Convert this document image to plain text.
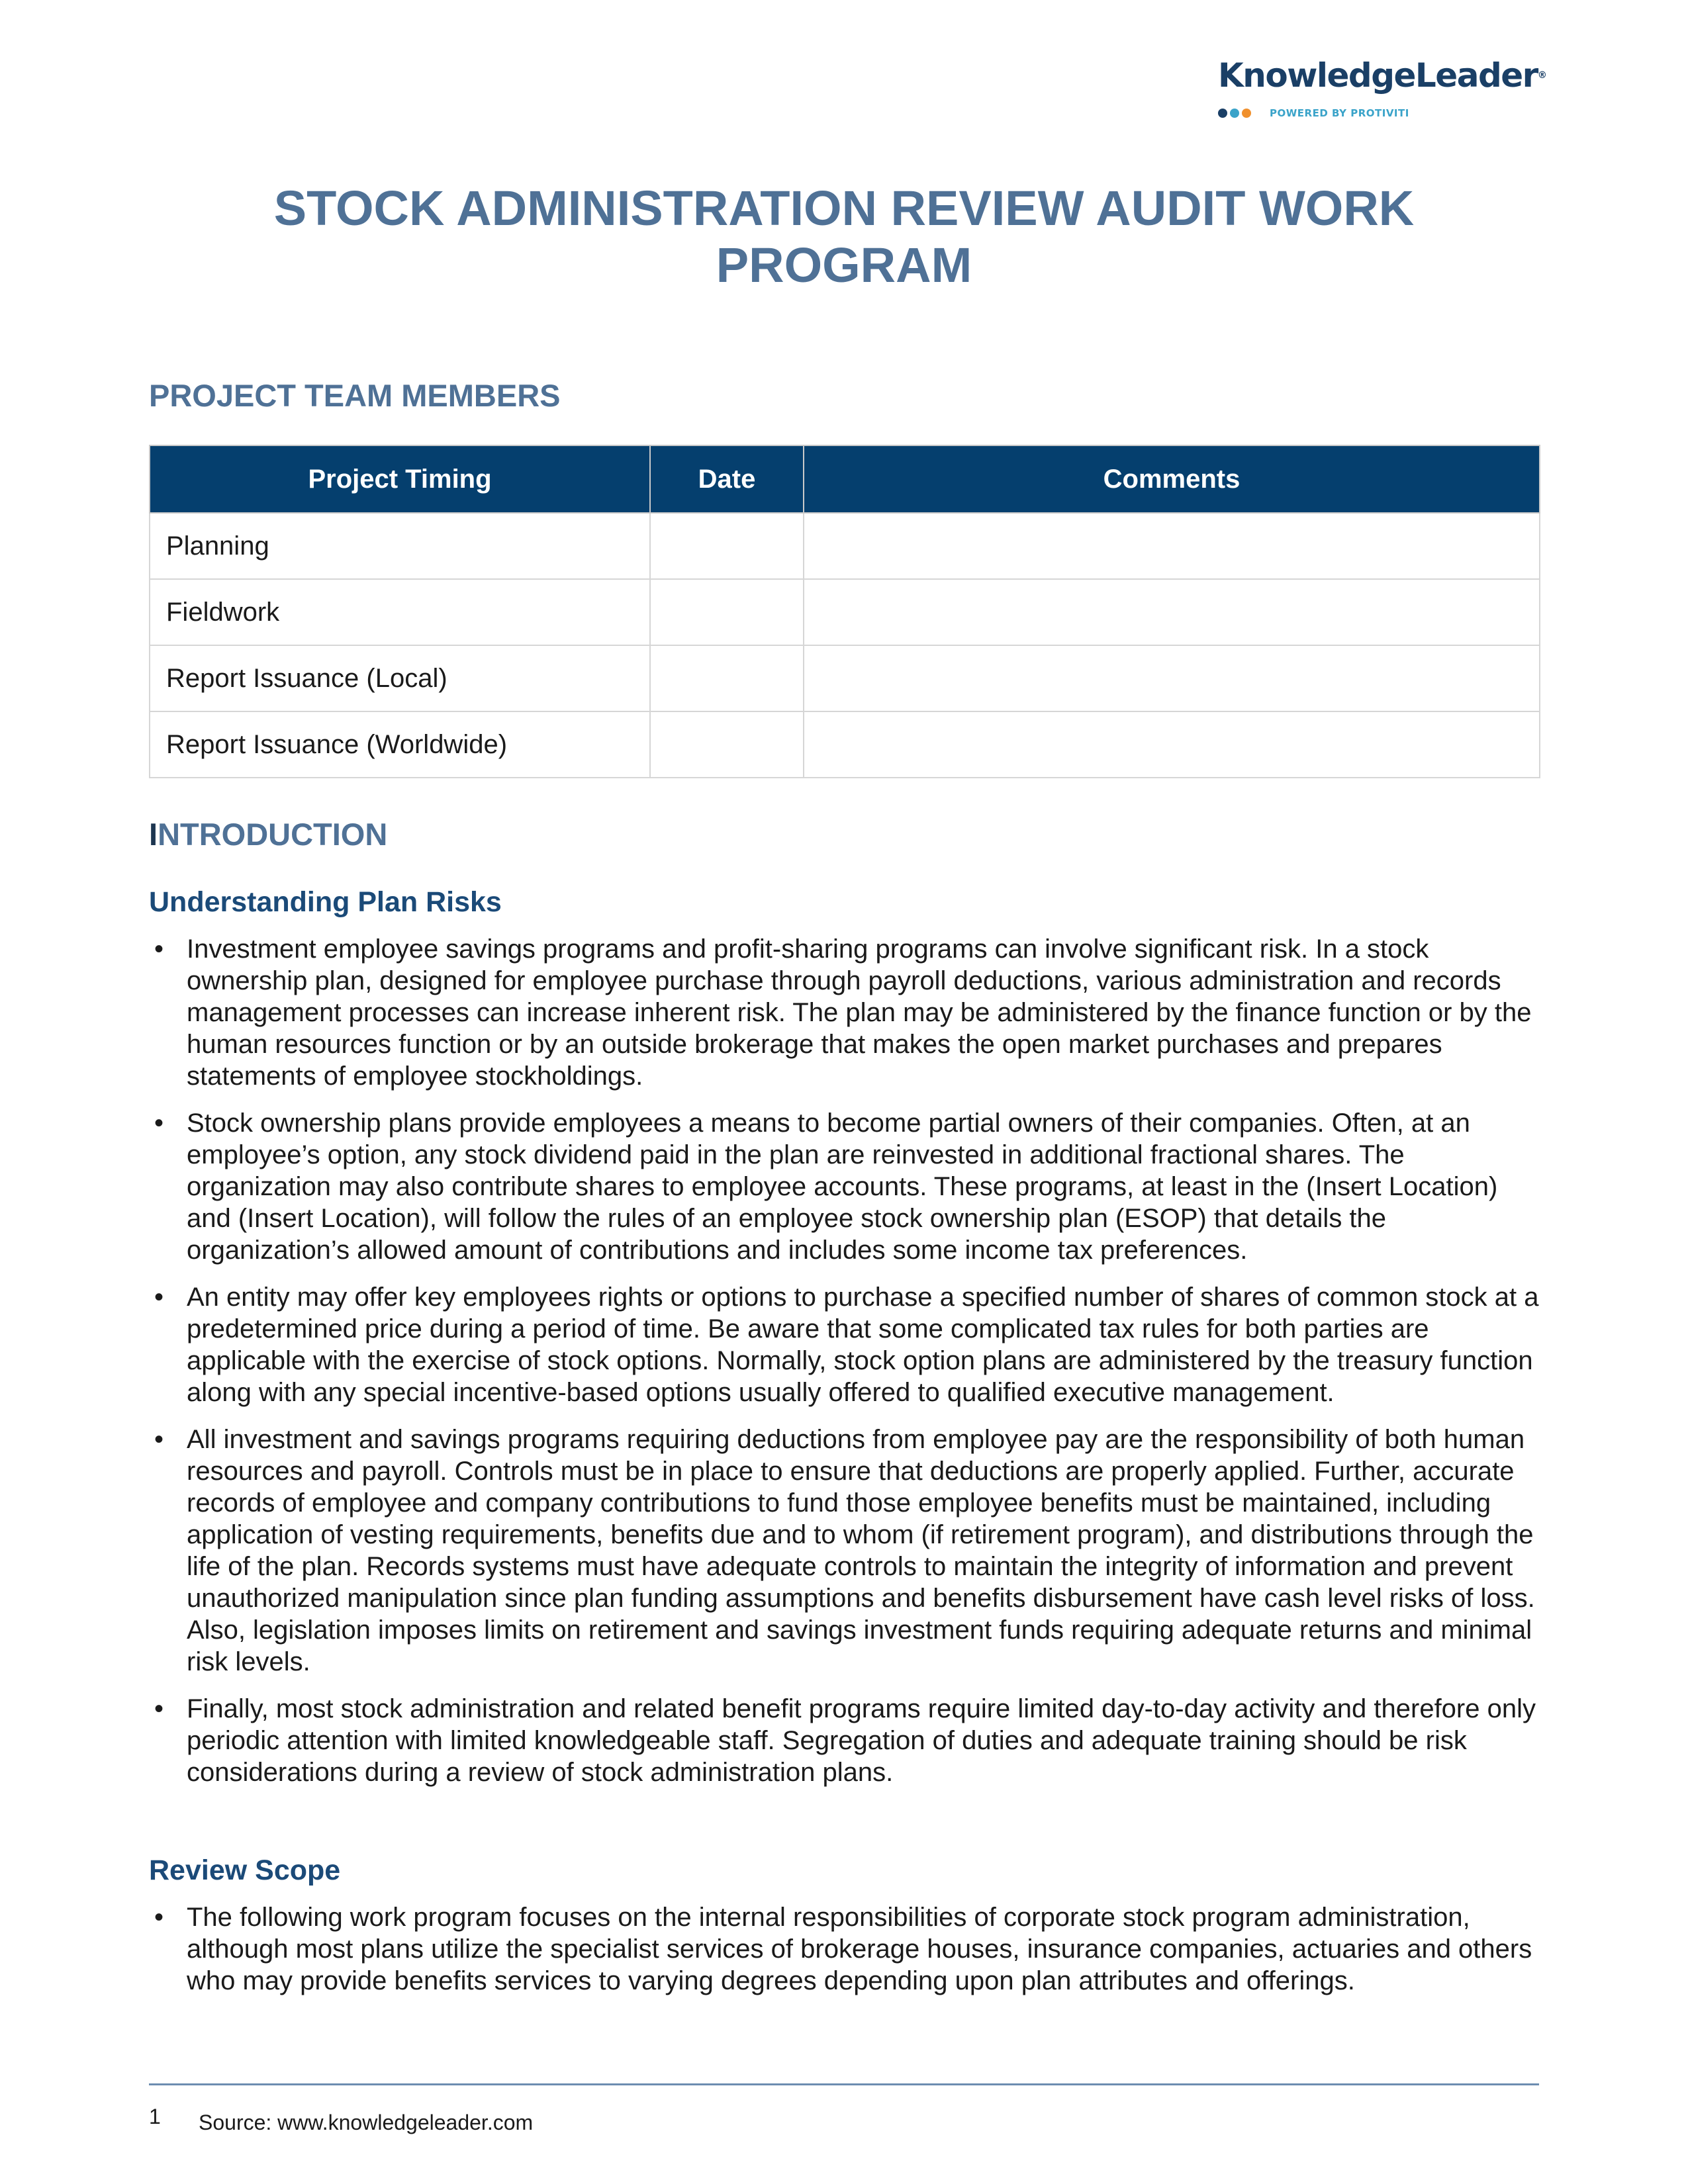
KnowledgeLeader®
POWERED BY PROTIVITI
STOCK ADMINISTRATION REVIEW AUDIT WORK
PROGRAM
PROJECT TEAM MEMBERS
Project Timing	Date	Comments
Planning		
Fieldwork		
Report Issuance (Local)		
Report Issuance (Worldwide)		
INTRODUCTION
Understanding Plan Risks
• Investment employee savings programs and profit-sharing programs can involve significant risk. In a stock ownership plan, designed for employee purchase through payroll deductions, various administration and records management processes can increase inherent risk. The plan may be administered by the finance function or by the human resources function or by an outside brokerage that makes the open market purchases and prepares statements of employee stockholdings.
• Stock ownership plans provide employees a means to become partial owners of their companies. Often, at an employee’s option, any stock dividend paid in the plan are reinvested in additional fractional shares. The organization may also contribute shares to employee accounts. These programs, at least in the (Insert Location) and (Insert Location), will follow the rules of an employee stock ownership plan (ESOP) that details the organization’s allowed amount of contributions and includes some income tax preferences.
• An entity may offer key employees rights or options to purchase a specified number of shares of common stock at a predetermined price during a period of time. Be aware that some complicated tax rules for both parties are applicable with the exercise of stock options. Normally, stock option plans are administered by the treasury function along with any special incentive-based options usually offered to qualified executive management.
• All investment and savings programs requiring deductions from employee pay are the responsibility of both human resources and payroll. Controls must be in place to ensure that deductions are properly applied. Further, accurate records of employee and company contributions to fund those employee benefits must be maintained, including application of vesting requirements, benefits due and to whom (if retirement program), and distributions through the life of the plan. Records systems must have adequate controls to maintain the integrity of information and prevent unauthorized manipulation since plan funding assumptions and benefits disbursement have cash level risks of loss. Also, legislation imposes limits on retirement and savings investment funds requiring adequate returns and minimal risk levels.
• Finally, most stock administration and related benefit programs require limited day-to-day activity and therefore only periodic attention with limited knowledgeable staff. Segregation of duties and adequate training should be risk considerations during a review of stock administration plans.
Review Scope
• The following work program focuses on the internal responsibilities of corporate stock program administration, although most plans utilize the specialist services of brokerage houses, insurance companies, actuaries and others who may provide benefits services to varying degrees depending upon plan attributes and offerings.
1 Source: www.knowledgeleader.com
